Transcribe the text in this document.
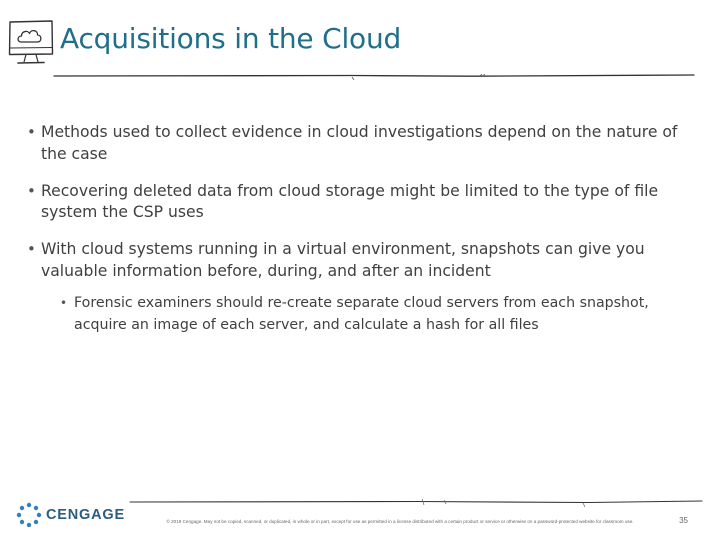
Acquisitions in the Cloud
• Methods used to collect evidence in cloud investigations depend on the nature of the case
• Recovering deleted data from cloud storage might be limited to the type of file system the CSP uses
• With cloud systems running in a virtual environment, snapshots can give you valuable information before, during, and after an incident
• Forensic examiners should re-create separate cloud servers from each snapshot, acquire an image of each server, and calculate a hash for all files
CENGAGE	© 2019 Cengage. May not be copied, scanned, or duplicated, in whole or in part, except for use as permitted in a license distributed with a certain product or service or otherwise on a password-protected website for classroom use.	35
